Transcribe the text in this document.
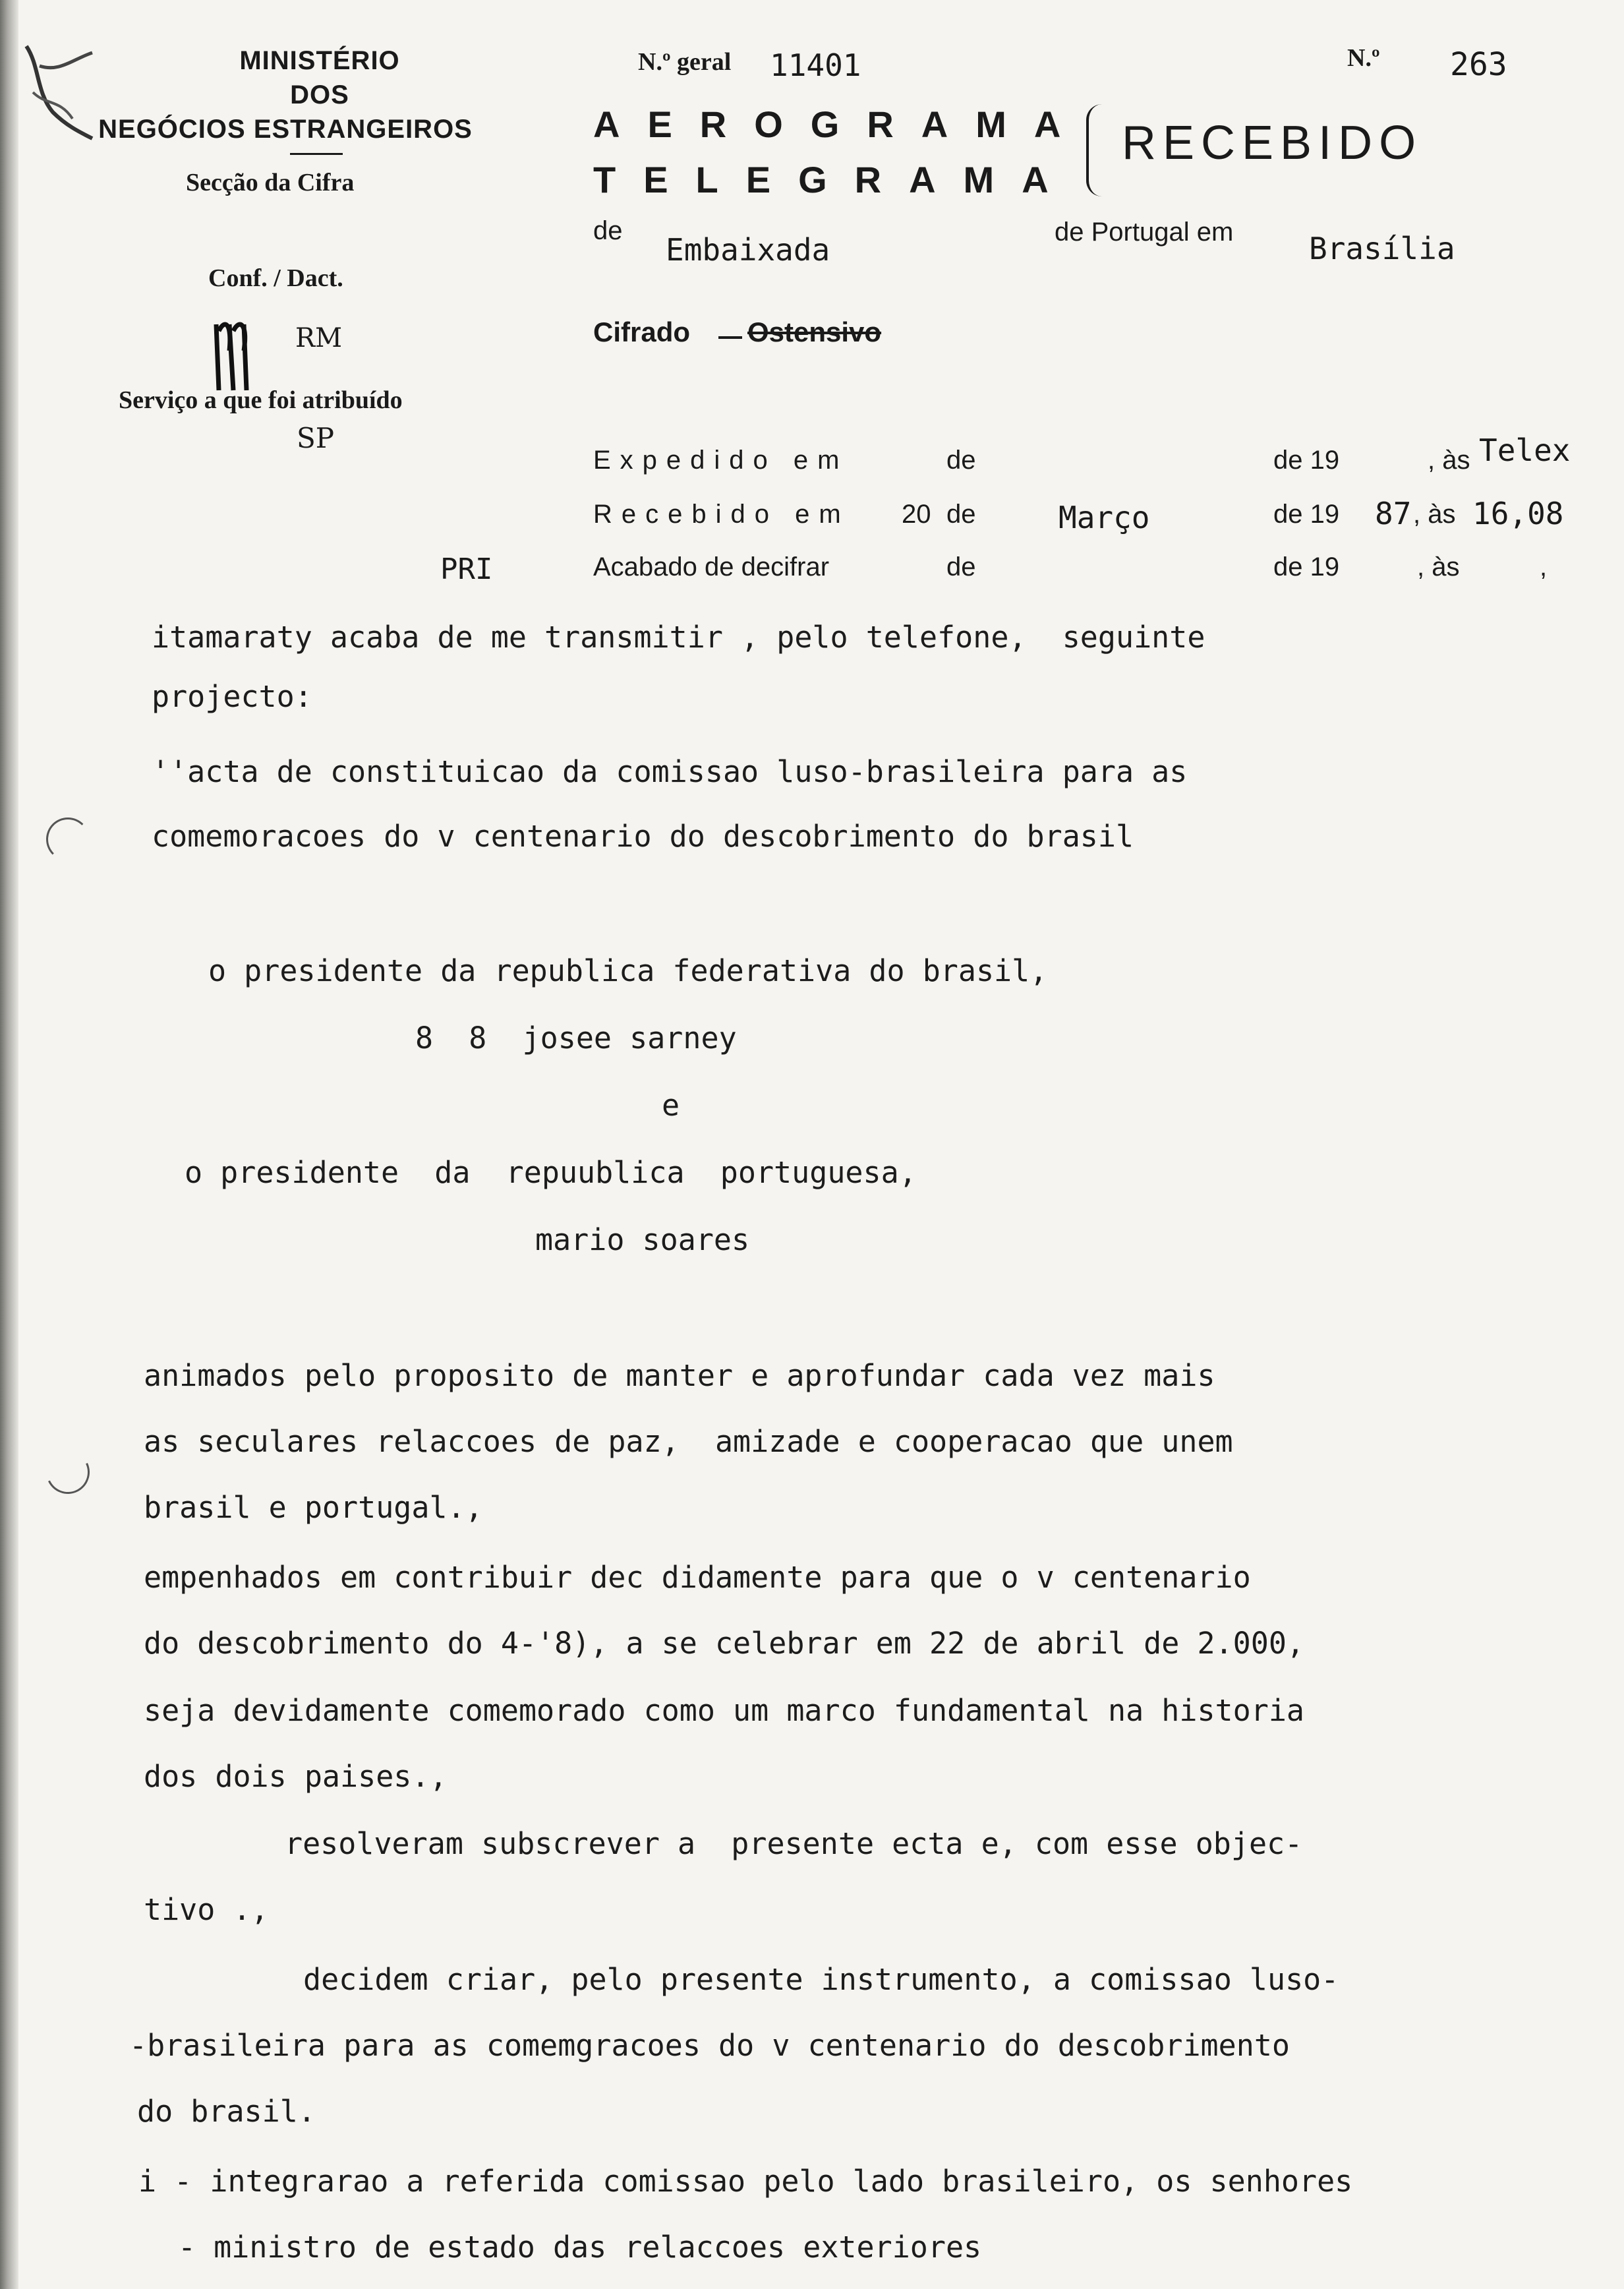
MINISTÉRIO
DOS
NEGÓCIOS ESTRANGEIROS
Secção da Cifra
Conf. / Dact.
RM
Serviço a que foi atribuído
SP
N.º geral 11401	N.º 263
AEROGRAMA
TELEGRAMA
RECEBIDO
de
Embaixada	de Portugal em Brasília
Cifrado Ostensivo
Expedido em	de	de 19	, às Telex
Recebido em 20 de	Março	de 19 87 , às 16,08
Acabado de decifrar	de	de 19	, às	,
PRI
itamaraty acaba de me transmitir , pelo telefone,  seguinte
projecto:
''acta de constituicao da comissao luso-brasileira para as
comemoracoes do v centenario do descobrimento do brasil
o presidente da republica federativa do brasil,
8  8  josee sarney
e
o presidente  da  repuublica  portuguesa,
mario soares
animados pelo proposito de manter e aprofundar cada vez mais
as seculares relaccoes de paz,  amizade e cooperacao que unem
brasil e portugal.,
empenhados em contribuir dec didamente para que o v centenario
do descobrimento do 4-'8), a se celebrar em 22 de abril de 2.000,
seja devidamente comemorado como um marco fundamental na historia
dos dois paises.,
resolveram subscrever a  presente ecta e, com esse objec-
tivo .,
decidem criar, pelo presente instrumento, a comissao luso-
-brasileira para as comemgracoes do v centenario do descobrimento
do brasil.
i - integrarao a referida comissao pelo lado brasileiro, os senhores
- ministro de estado das relaccoes exteriores
